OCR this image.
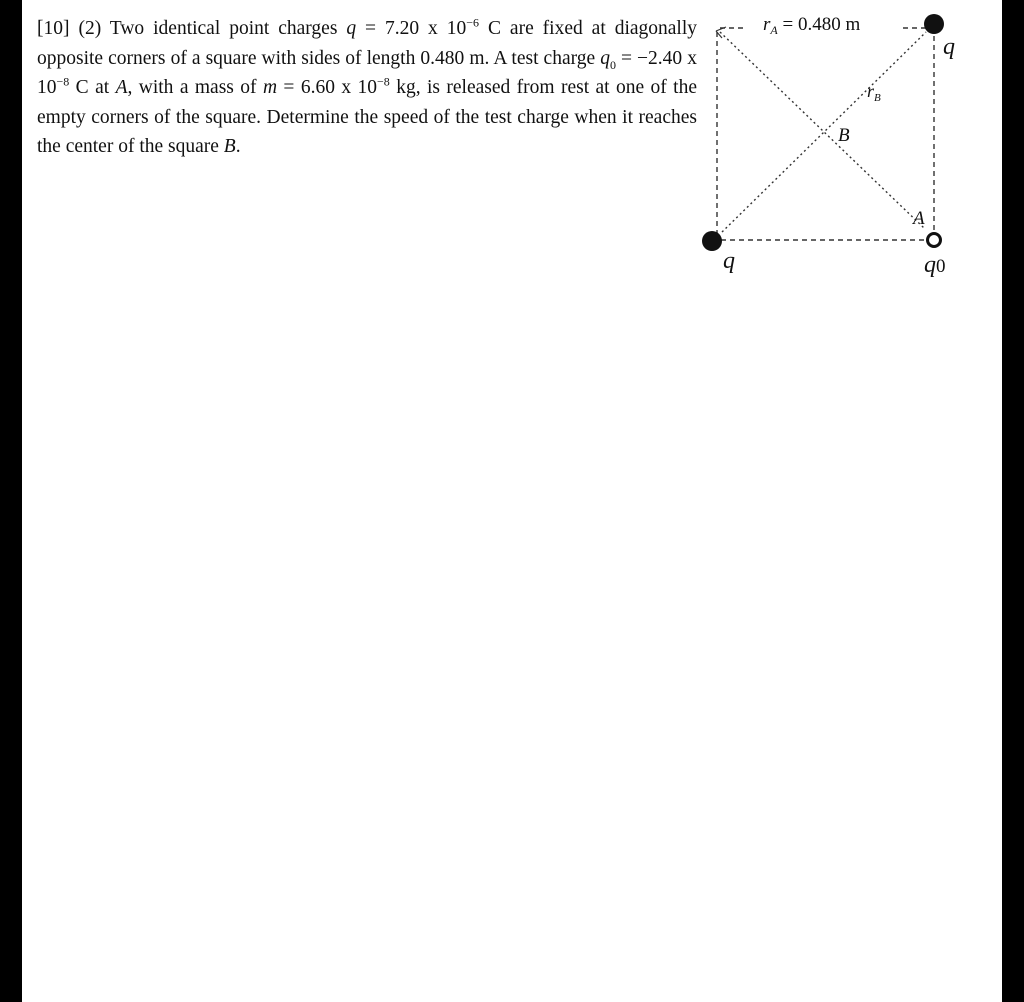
[10] (2) Two identical point charges q = 7.20 x $10^{-6}$ C are fixed at diagonally opposite corners of a square with sides of length 0.480 m. A test charge $q_0 = -2.40$ x $10^{-8}$ C at A, with a mass of m = 6.60 x $10^{-8}$ kg, is released from rest at one of the empty corners of the square. Determine the speed of the test charge when it reaches the center of the square B.
$r_A = 0.480$ m
$r_B$
B
A
q
q	q0
